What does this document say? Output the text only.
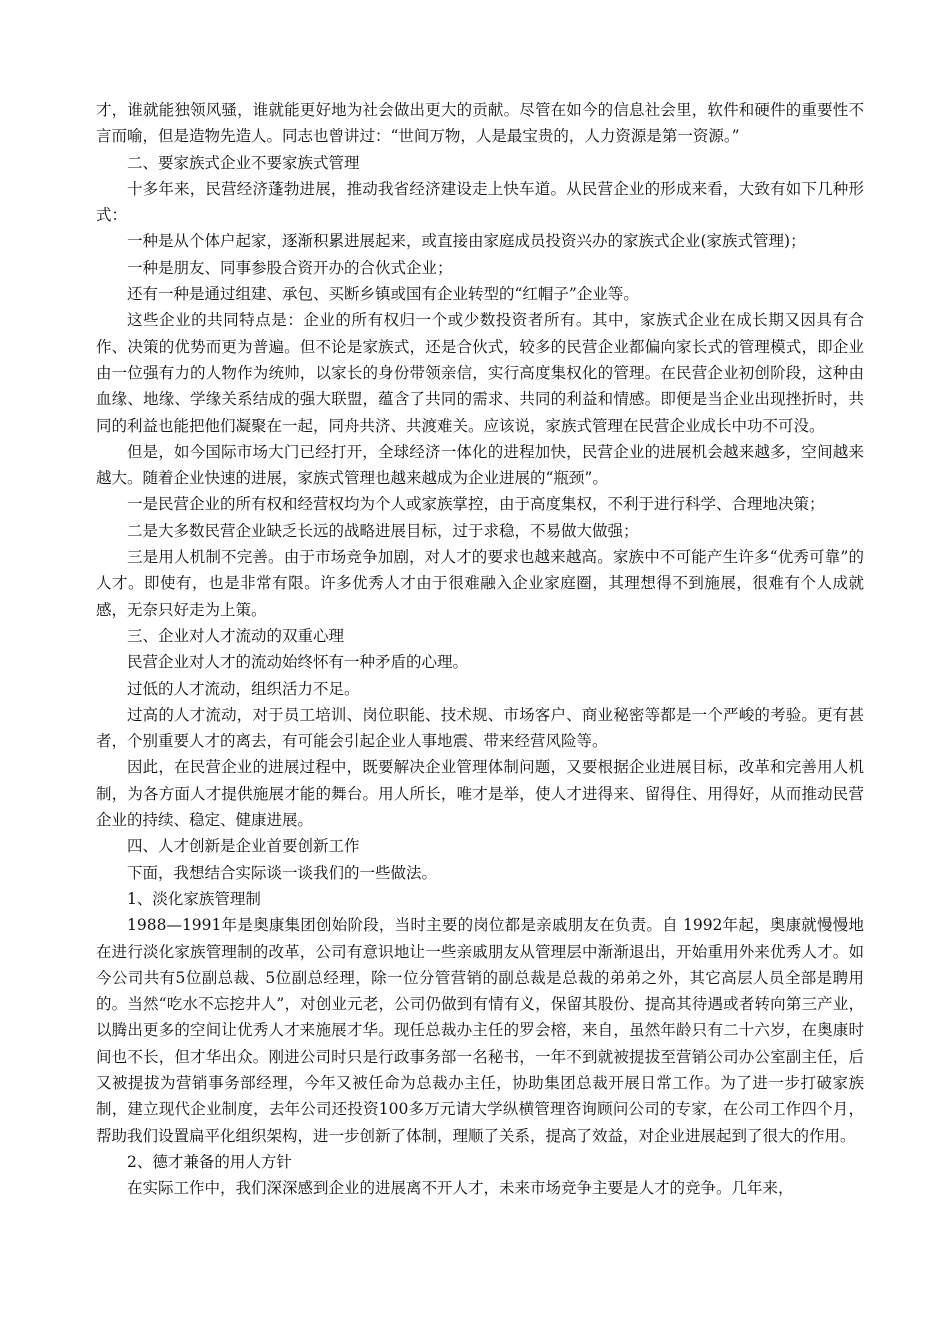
才，谁就能独领风骚，谁就能更好地为社会做出更大的贡献。尽管在如今的信息社会里，软件和硬件的重要性不言而喻，但是造物先造人。同志也曾讲过：“世间万物，人是最宝贵的，人力资源是第一资源。”

二、要家族式企业不要家族式管理

十多年来，民营经济蓬勃进展，推动我省经济建设走上快车道。从民营企业的形成来看，大致有如下几种形式：

一种是从个体户起家，逐渐积累进展起来，或直接由家庭成员投资兴办的家族式企业(家族式管理)；

一种是朋友、同事参股合资开办的合伙式企业；

还有一种是通过组建、承包、买断乡镇或国有企业转型的“红帽子”企业等。

这些企业的共同特点是：企业的所有权归一个或少数投资者所有。其中，家族式企业在成长期又因具有合作、决策的优势而更为普遍。但不论是家族式，还是合伙式，较多的民营企业都偏向家长式的管理模式，即企业由一位强有力的人物作为统帅，以家长的身份带领亲信，实行高度集权化的管理。在民营企业初创阶段，这种由血缘、地缘、学缘关系结成的强大联盟，蕴含了共同的需求、共同的利益和情感。即便是当企业出现挫折时，共同的利益也能把他们凝聚在一起，同舟共济、共渡难关。应该说，家族式管理在民营企业成长中功不可没。

但是，如今国际市场大门已经打开，全球经济一体化的进程加快，民营企业的进展机会越来越多，空间越来越大。随着企业快速的进展，家族式管理也越来越成为企业进展的“瓶颈”。

一是民营企业的所有权和经营权均为个人或家族掌控，由于高度集权，不利于进行科学、合理地决策；

二是大多数民营企业缺乏长远的战略进展目标，过于求稳，不易做大做强；

三是用人机制不完善。由于市场竞争加剧，对人才的要求也越来越高。家族中不可能产生许多“优秀可靠”的人才。即使有，也是非常有限。许多优秀人才由于很难融入企业家庭圈，其理想得不到施展，很难有个人成就感，无奈只好走为上策。

三、企业对人才流动的双重心理

民营企业对人才的流动始终怀有一种矛盾的心理。

过低的人才流动，组织活力不足。

过高的人才流动，对于员工培训、岗位职能、技术规、市场客户、商业秘密等都是一个严峻的考验。更有甚者，个别重要人才的离去，有可能会引起企业人事地震、带来经营风险等。

因此，在民营企业的进展过程中，既要解决企业管理体制问题，又要根据企业进展目标，改革和完善用人机制，为各方面人才提供施展才能的舞台。用人所长，唯才是举，使人才进得来、留得住、用得好，从而推动民营企业的持续、稳定、健康进展。

四、人才创新是企业首要创新工作

下面，我想结合实际谈一谈我们的一些做法。

1、淡化家族管理制

1988—1991年是奥康集团创始阶段，当时主要的岗位都是亲戚朋友在负责。自 1992年起，奥康就慢慢地在进行淡化家族管理制的改革，公司有意识地让一些亲戚朋友从管理层中渐渐退出，开始重用外来优秀人才。如今公司共有5位副总裁、5位副总经理，除一位分管营销的副总裁是总裁的弟弟之外，其它高层人员全部是聘用的。当然“吃水不忘挖井人”，对创业元老，公司仍做到有情有义，保留其股份、提高其待遇或者转向第三产业，以腾出更多的空间让优秀人才来施展才华。现任总裁办主任的罗会榕，来自，虽然年龄只有二十六岁，在奥康时间也不长，但才华出众。刚进公司时只是行政事务部一名秘书，一年不到就被提拔至营销公司办公室副主任，后又被提拔为营销事务部经理，今年又被任命为总裁办主任，协助集团总裁开展日常工作。为了进一步打破家族制，建立现代企业制度，去年公司还投资100多万元请大学纵横管理咨询顾问公司的专家，在公司工作四个月，帮助我们设置扁平化组织架构，进一步创新了体制，理顺了关系，提高了效益，对企业进展起到了很大的作用。

2、德才兼备的用人方针

在实际工作中，我们深深感到企业的进展离不开人才，未来市场竞争主要是人才的竞争。几年来，
